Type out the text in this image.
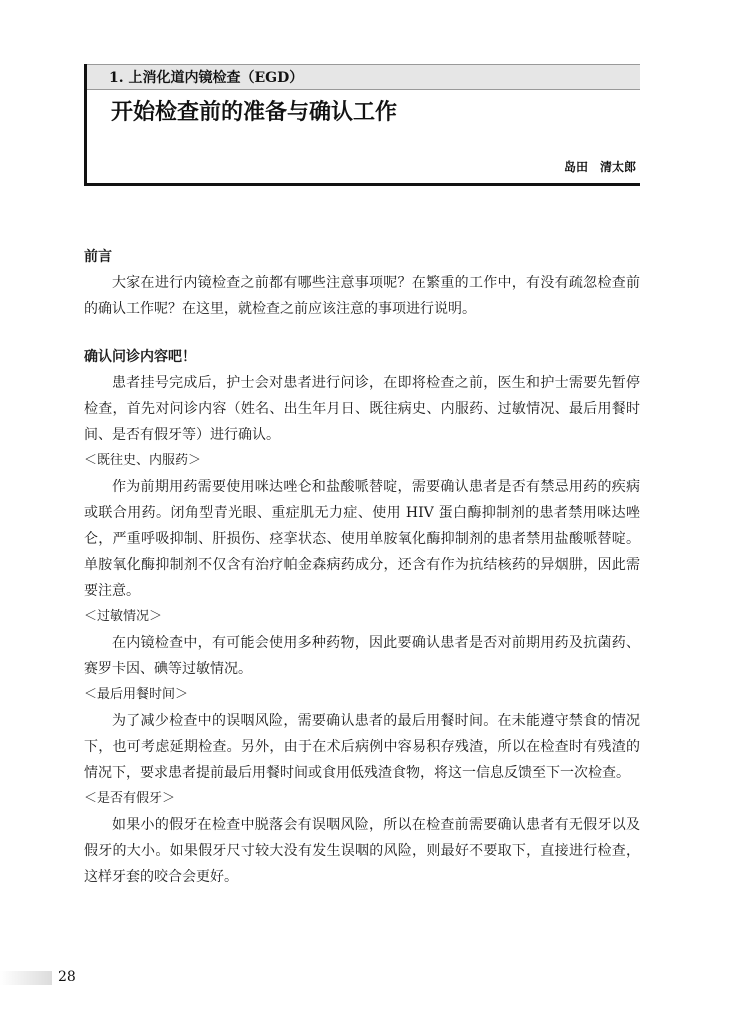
1. 上消化道内镜检查（EGD）
开始检查前的准备与确认工作
岛田　清太郎

前言

大家在进行内镜检查之前都有哪些注意事项呢？在繁重的工作中，有没有疏忽检查前的确认工作呢？在这里，就检查之前应该注意的事项进行说明。

确认问诊内容吧！

患者挂号完成后，护士会对患者进行问诊，在即将检查之前，医生和护士需要先暂停检查，首先对问诊内容（姓名、出生年月日、既往病史、内服药、过敏情况、最后用餐时间、是否有假牙等）进行确认。

＜既往史、内服药＞

作为前期用药需要使用咪达唑仑和盐酸哌替啶，需要确认患者是否有禁忌用药的疾病或联合用药。闭角型青光眼、重症肌无力症、使用 HIV 蛋白酶抑制剂的患者禁用咪达唑仑，严重呼吸抑制、肝损伤、痉挛状态、使用单胺氧化酶抑制剂的患者禁用盐酸哌替啶。单胺氧化酶抑制剂不仅含有治疗帕金森病药成分，还含有作为抗结核药的异烟肼，因此需要注意。

＜过敏情况＞

在内镜检查中，有可能会使用多种药物，因此要确认患者是否对前期用药及抗菌药、赛罗卡因、碘等过敏情况。

＜最后用餐时间＞

为了减少检查中的误咽风险，需要确认患者的最后用餐时间。在未能遵守禁食的情况下，也可考虑延期检查。另外，由于在术后病例中容易积存残渣，所以在检查时有残渣的情况下，要求患者提前最后用餐时间或食用低残渣食物，将这一信息反馈至下一次检查。

＜是否有假牙＞

如果小的假牙在检查中脱落会有误咽风险，所以在检查前需要确认患者有无假牙以及假牙的大小。如果假牙尺寸较大没有发生误咽的风险，则最好不要取下，直接进行检查，这样牙套的咬合会更好。

28
